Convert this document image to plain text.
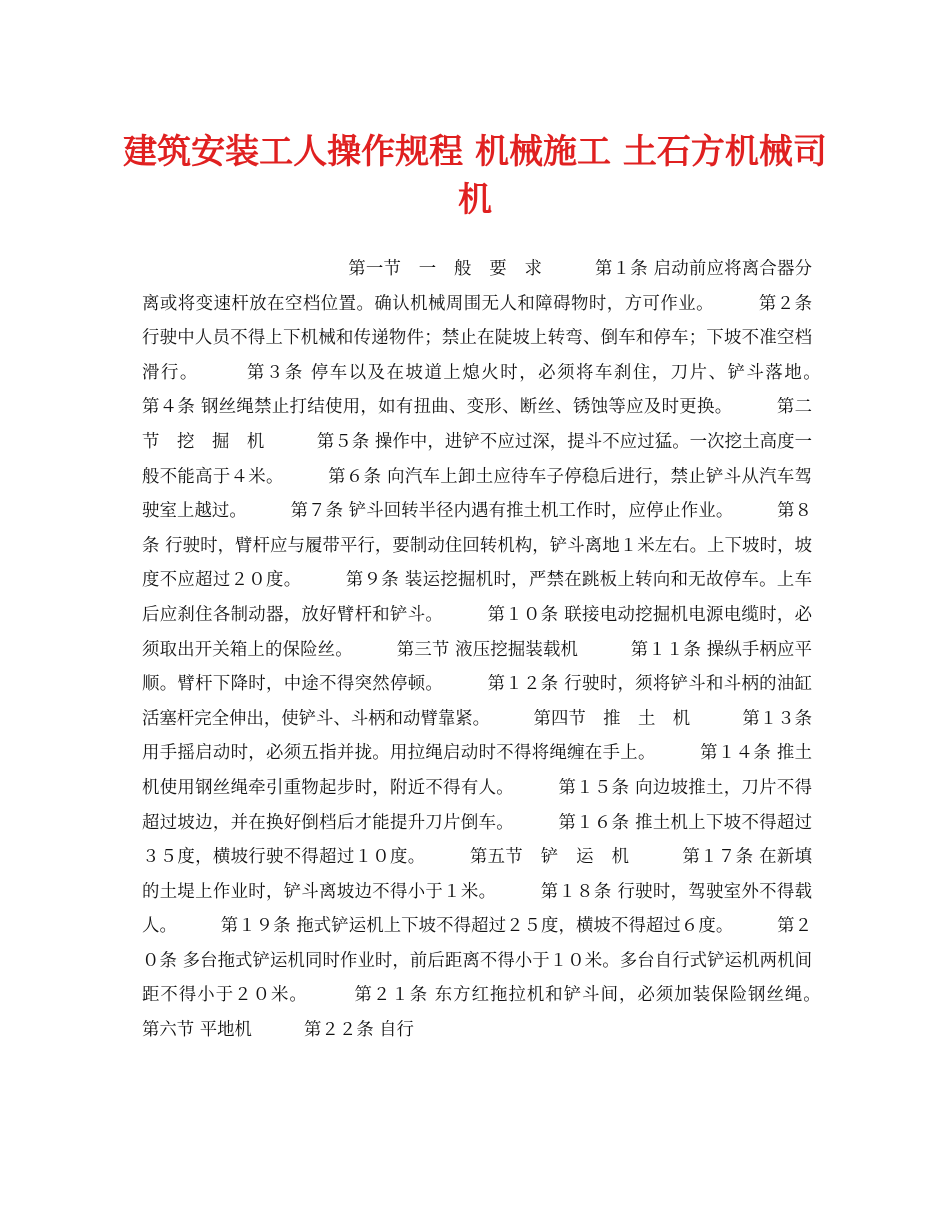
建筑安装工人操作规程 机械施工 土石方机械司机

第一节　一　般　要　求　　　第１条 启动前应将离合器分离或将变速杆放在空档位置。确认机械周围无人和障碍物时，方可作业。　　　第２条 行驶中人员不得上下机械和传递物件；禁止在陡坡上转弯、倒车和停车；下坡不准空档滑行。　　　第３条 停车以及在坡道上熄火时，必须将车刹住，刀片、铲斗落地。　　　第４条 钢丝绳禁止打结使用，如有扭曲、变形、断丝、锈蚀等应及时更换。　　　第二节　挖　掘　机　　　第５条 操作中，进铲不应过深，提斗不应过猛。一次挖土高度一般不能高于４米。　　　第６条 向汽车上卸土应待车子停稳后进行，禁止铲斗从汽车驾驶室上越过。　　　第７条 铲斗回转半径内遇有推土机工作时，应停止作业。　　　第８条 行驶时，臂杆应与履带平行，要制动住回转机构，铲斗离地１米左右。上下坡时，坡度不应超过２０度。　　　第９条 装运挖掘机时，严禁在跳板上转向和无故停车。上车后应刹住各制动器，放好臂杆和铲斗。　　　第１０条 联接电动挖掘机电源电缆时，必须取出开关箱上的保险丝。　　　第三节 液压挖掘装载机　　　第１１条 操纵手柄应平顺。臂杆下降时，中途不得突然停顿。　　　第１２条 行驶时，须将铲斗和斗柄的油缸活塞杆完全伸出，使铲斗、斗柄和动臂靠紧。　　　第四节　推　土　机　　　第１３条 用手摇启动时，必须五指并拢。用拉绳启动时不得将绳缠在手上。　　　第１４条 推土机使用钢丝绳牵引重物起步时，附近不得有人。　　　第１５条 向边坡推土，刀片不得超过坡边，并在换好倒档后才能提升刀片倒车。　　　第１６条 推土机上下坡不得超过３５度，横坡行驶不得超过１０度。　　　第五节　铲　运　机　　　第１７条 在新填的土堤上作业时，铲斗离坡边不得小于１米。　　　第１８条 行驶时，驾驶室外不得载人。　　　第１９条 拖式铲运机上下坡不得超过２５度，横坡不得超过６度。　　　第２０条 多台拖式铲运机同时作业时，前后距离不得小于１０米。多台自行式铲运机两机间距不得小于２０米。　　　第２１条 东方红拖拉机和铲斗间，必须加装保险钢丝绳。　　　第六节 平地机　　　第２２条 自行
